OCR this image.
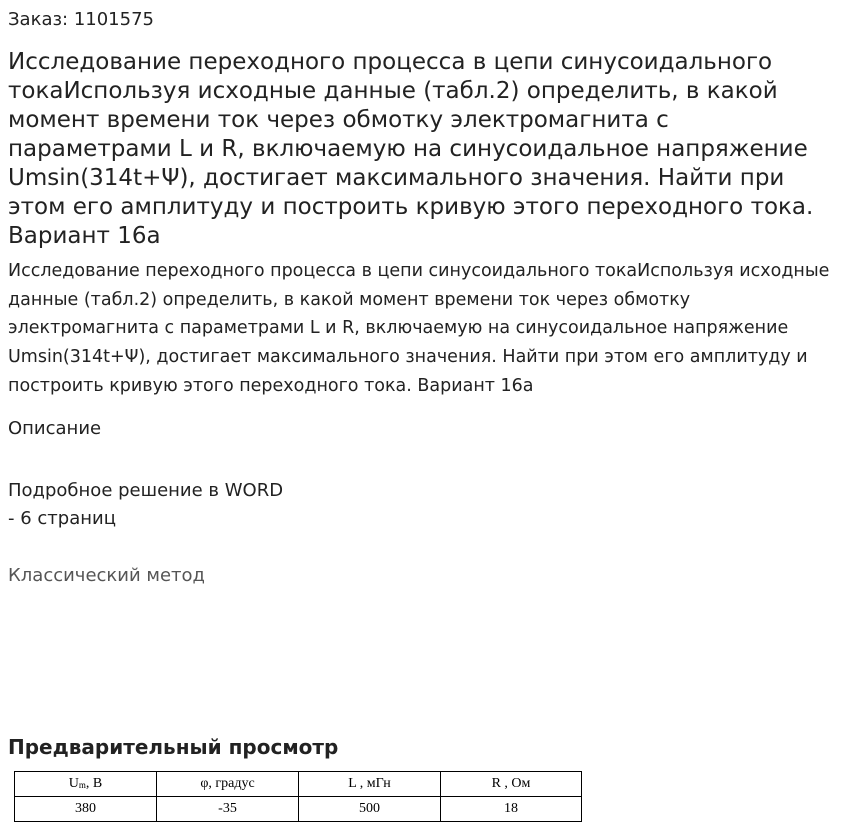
Заказ: 1101575
Исследование переходного процесса в цепи синусоидального токаИспользуя исходные данные (табл.2) определить, в какой момент времени ток через обмотку электромагнита с параметрами L и R, включаемую на синусоидальное напряжение Umsin(314t+Ψ), достигает максимального значения. Найти при этом его амплитуду и построить кривую этого переходного тока. Вариант 16а

Исследование переходного процесса в цепи синусоидального токаИспользуя исходные данные (табл.2) определить, в какой момент времени ток через обмотку электромагнита с параметрами L и R, включаемую на синусоидальное напряжение Umsin(314t+Ψ), достигает максимального значения. Найти при этом его амплитуду и построить кривую этого переходного тока. Вариант 16а

Описание
Подробное решение в WORD
- 6 страниц
Классический метод
Предварительный просмотр
$U_m$, В	φ, градус	L , мГн	R , Ом
380	-35	500	18
